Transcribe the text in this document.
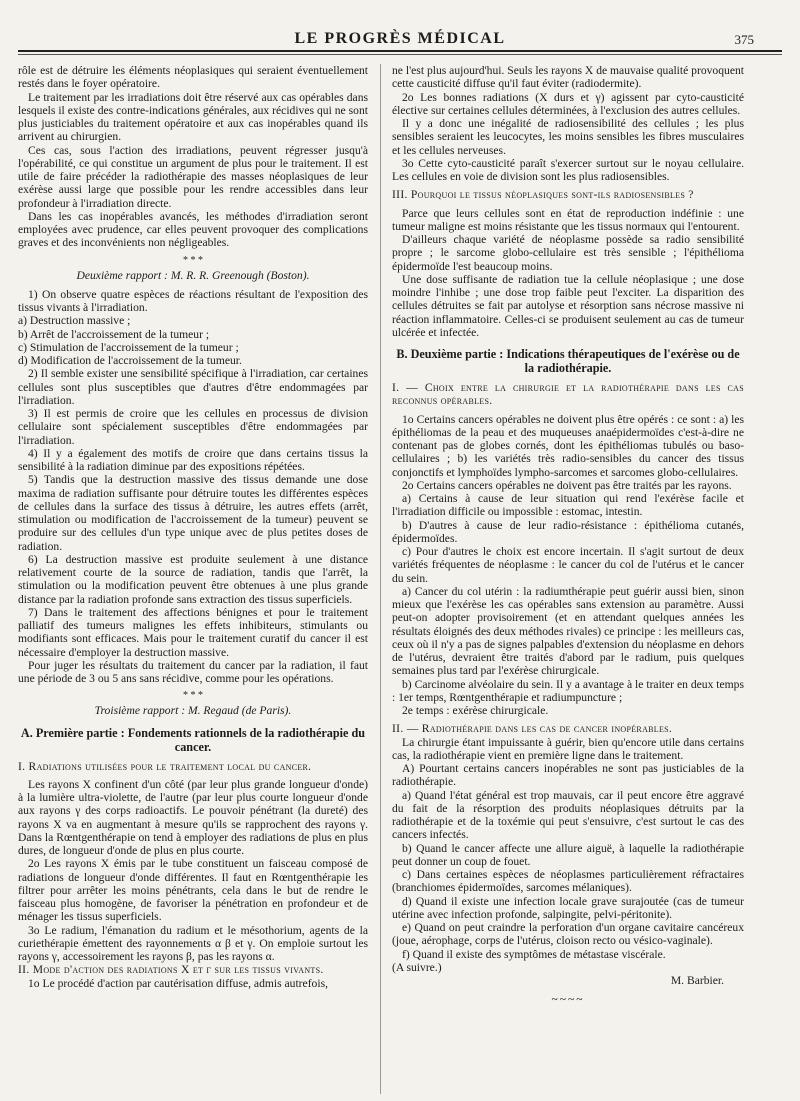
LE PROGRÈS MÉDICAL	375

rôle est de détruire les éléments néoplasiques qui seraient éventuellement restés dans le foyer opératoire.

Le traitement par les irradiations doit être réservé aux cas opérables dans lesquels il existe des contre-indications générales, aux récidives qui ne sont plus justiciables du traitement opératoire et aux cas inopérables quand ils arrivent au chirurgien.

Ces cas, sous l'action des irradiations, peuvent régresser jusqu'à l'opérabilité, ce qui constitue un argument de plus pour le traitement. Il est utile de faire précéder la radiothérapie des masses néoplasiques de leur exérèse aussi large que possible pour les rendre accessibles dans leur profondeur à l'irradiation directe.

Dans les cas inopérables avancés, les méthodes d'irradiation seront employées avec prudence, car elles peuvent provoquer des complications graves et des inconvénients non négligeables.

* * *

Deuxième rapport : M. R. R. Greenough (Boston).

1) On observe quatre espèces de réactions résultant de l'exposition des tissus vivants à l'irradiation.

a) Destruction massive ;

b) Arrêt de l'accroissement de la tumeur ;

c) Stimulation de l'accroissement de la tumeur ;

d) Modification de l'accroissement de la tumeur.

2) Il semble exister une sensibilité spécifique à l'irradiation, car certaines cellules sont plus susceptibles que d'autres d'être endommagées par l'irradiation.

3) Il est permis de croire que les cellules en processus de division cellulaire sont spécialement susceptibles d'être endommagées par l'irradiation.

4) Il y a également des motifs de croire que dans certains tissus la sensibilité à la radiation diminue par des expositions répétées.

5) Tandis que la destruction massive des tissus demande une dose maxima de radiation suffisante pour détruire toutes les différentes espèces de cellules dans la surface des tissus à détruire, les autres effets (arrêt, stimulation ou modification de l'accroissement de la tumeur) peuvent se produire sur des cellules d'un type unique avec de plus petites doses de radiation.

6) La destruction massive est produite seulement à une distance relativement courte de la source de radiation, tandis que l'arrêt, la stimulation ou la modification peuvent être obtenues à une plus grande distance par la radiation profonde sans extraction des tissus superficiels.

7) Dans le traitement des affections bénignes et pour le traitement palliatif des tumeurs malignes les effets inhibiteurs, stimulants ou modifiants sont efficaces. Mais pour le traitement curatif du cancer il est nécessaire d'employer la destruction massive.

Pour juger les résultats du traitement du cancer par la radiation, il faut une période de 3 ou 5 ans sans récidive, comme pour les opérations.

* * *

Troisième rapport : M. Regaud (de Paris).

A. Première partie : Fondements rationnels de la radiothérapie du cancer.

I. Radiations utilisées pour le traitement local du cancer.

Les rayons X confinent d'un côté (par leur plus grande longueur d'onde) à la lumière ultra-violette, de l'autre (par leur plus courte longueur d'onde aux rayons γ des corps radioactifs. Le pouvoir pénétrant (la dureté) des rayons X va en augmentant à mesure qu'ils se rapprochent des rayons γ. Dans la Rœntgenthérapie on tend à employer des radiations de plus en plus dures, de longueur d'onde de plus en plus courte.

2o Les rayons X émis par le tube constituent un faisceau composé de radiations de longueur d'onde différentes. Il faut en Rœntgenthérapie les filtrer pour arrêter les moins pénétrants, cela dans le but de rendre le faisceau plus homogène, de favoriser la pénétration en profondeur et de ménager les tissus superficiels.

3o Le radium, l'émanation du radium et le mésothorium, agents de la curiethérapie émettent des rayonnements α β et γ. On emploie surtout les rayons γ, accessoirement les rayons β, pas les rayons α.

II. Mode d'action des radiations X et γ sur les tissus vivants.

1o Le procédé d'action par cautérisation diffuse, admis autrefois,

ne l'est plus aujourd'hui. Seuls les rayons X de mauvaise qualité provoquent cette causticité diffuse qu'il faut éviter (radiodermite).

2o Les bonnes radiations (X durs et γ) agissent par cyto-causticité élective sur certaines cellules déterminées, à l'exclusion des autres cellules.

Il y a donc une inégalité de radiosensibilité des cellules ; les plus sensibles seraient les leucocytes, les moins sensibles les fibres musculaires et les cellules nerveuses.

3o Cette cyto-causticité paraît s'exercer surtout sur le noyau cellulaire. Les cellules en voie de division sont les plus radiosensibles.

III. Pourquoi le tissus néoplasiques sont-ils radiosensibles ?

Parce que leurs cellules sont en état de reproduction indéfinie : une tumeur maligne est moins résistante que les tissus normaux qui l'entourent.

D'ailleurs chaque variété de néoplasme possède sa radio sensibilité propre ; le sarcome globo-cellulaire est très sensible ; l'épithélioma épidermoïde l'est beaucoup moins.

Une dose suffisante de radiation tue la cellule néoplasique ; une dose moindre l'inhibe ; une dose trop faible peut l'exciter. La disparition des cellules détruites se fait par autolyse et résorption sans nécrose massive ni réaction inflammatoire. Celles-ci se produisent seulement au cas de tumeur ulcérée et infectée.

B. Deuxième partie : Indications thérapeutiques de l'exérèse ou de la radiothérapie.

I. — Choix entre la chirurgie et la radiothérapie dans les cas reconnus opérables.

1o Certains cancers opérables ne doivent plus être opérés : ce sont : a) les épithéliomas de la peau et des muqueuses anaépidermoïdes c'est-à-dire ne contenant pas de globes cornés, dont les épithéliomas tubulés ou baso-cellulaires ; b) les variétés très radio-sensibles du cancer des tissus conjonctifs et lymphoïdes lympho-sarcomes et sarcomes globo-cellulaires.

2o Certains cancers opérables ne doivent pas être traités par les rayons.

a) Certains à cause de leur situation qui rend l'exérèse facile et l'irradiation difficile ou impossible : estomac, intestin.

b) D'autres à cause de leur radio-résistance : épithélioma cutanés, épidermoïdes.

c) Pour d'autres le choix est encore incertain. Il s'agit surtout de deux variétés fréquentes de néoplasme : le cancer du col de l'utérus et le cancer du sein.

a) Cancer du col utérin : la radiumthérapie peut guérir aussi bien, sinon mieux que l'exérèse les cas opérables sans extension au paramètre. Aussi peut-on adopter provisoirement (et en attendant quelques années les résultats éloignés des deux méthodes rivales) ce principe : les meilleurs cas, ceux où il n'y a pas de signes palpables d'extension du néoplasme en dehors de l'utérus, devraient être traités d'abord par le radium, puis quelques semaines plus tard par l'exérèse chirurgicale.

b) Carcinome alvéolaire du sein. Il y a avantage à le traiter en deux temps : 1er temps, Rœntgenthérapie et radiumpuncture ;

2e temps : exérèse chirurgicale.

II. — Radiothérapie dans les cas de cancer inopérables.

La chirurgie étant impuissante à guérir, bien qu'encore utile dans certains cas, la radiothérapie vient en première ligne dans le traitement.

A) Pourtant certains cancers inopérables ne sont pas justiciables de la radiothérapie.

a) Quand l'état général est trop mauvais, car il peut encore être aggravé du fait de la résorption des produits néoplasiques détruits par la radiothérapie et de la toxémie qui peut s'ensuivre, c'est surtout le cas des cancers infectés.

b) Quand le cancer affecte une allure aiguë, à laquelle la radiothérapie peut donner un coup de fouet.

c) Dans certaines espèces de néoplasmes particulièrement réfractaires (branchiomes épidermoïdes, sarcomes mélaniques).

d) Quand il existe une infection locale grave surajoutée (cas de tumeur utérine avec infection profonde, salpingite, pelvi-péritonite).

e) Quand on peut craindre la perforation d'un organe cavitaire cancéreux (joue, aérophage, corps de l'utérus, cloison recto ou vésico-vaginale).

f) Quand il existe des symptômes de métastase viscérale.

(A suivre.)

M. Barbier.

~~~~
